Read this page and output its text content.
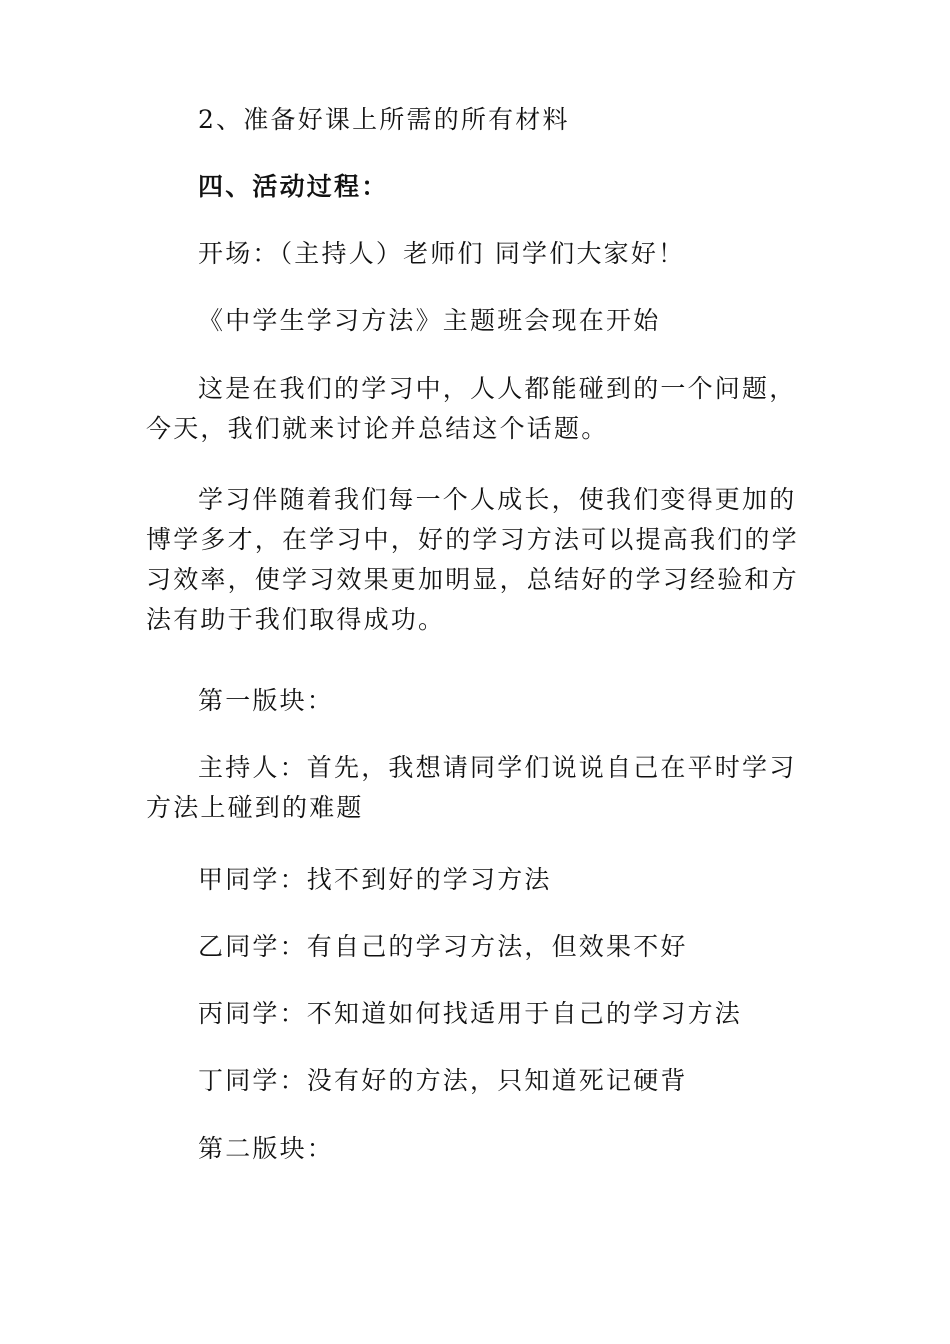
2、准备好课上所需的所有材料

四、活动过程：

开场：（主持人）老师们 同学们大家好！

《中学生学习方法》主题班会现在开始

这是在我们的学习中，人人都能碰到的一个问题，今天，我们就来讨论并总结这个话题。

学习伴随着我们每一个人成长，使我们变得更加的博学多才，在学习中，好的学习方法可以提高我们的学习效率，使学习效果更加明显，总结好的学习经验和方法有助于我们取得成功。

第一版块：

主持人：首先，我想请同学们说说自己在平时学习方法上碰到的难题

甲同学：找不到好的学习方法

乙同学：有自己的学习方法，但效果不好

丙同学：不知道如何找适用于自己的学习方法

丁同学：没有好的方法，只知道死记硬背

第二版块：
